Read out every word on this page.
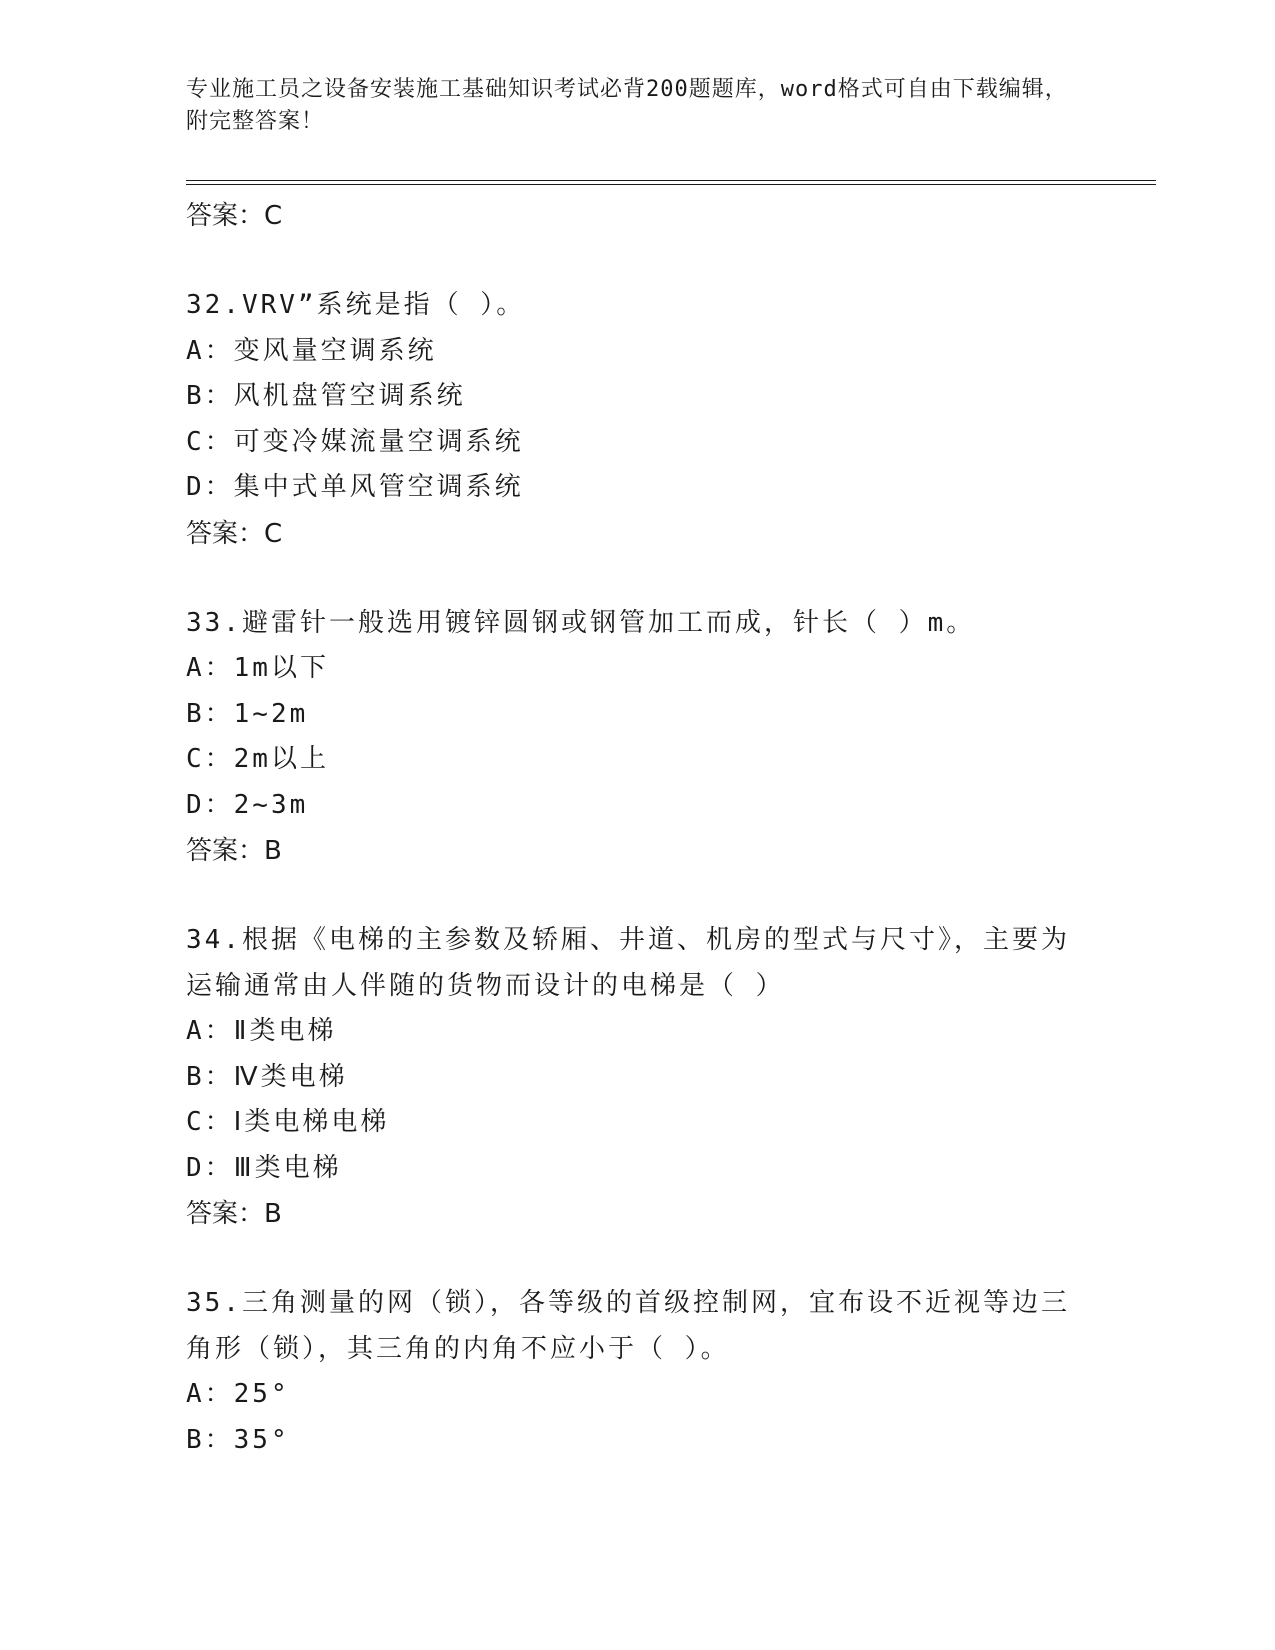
专业施工员之设备安装施工基础知识考试必背200题题库，word格式可自由下载编辑，附完整答案！
答案：C
32.VRV”系统是指（ ）。
A：变风量空调系统
B：风机盘管空调系统
C：可变冷媒流量空调系统
D：集中式单风管空调系统
答案：C
33.避雷针一般选用镀锌圆钢或钢管加工而成，针长（ ）m。
A：1m以下
B：1~2m
C：2m以上
D：2~3m
答案：B
34.根据《电梯的主参数及轿厢、井道、机房的型式与尺寸》，主要为运输通常由人伴随的货物而设计的电梯是（ ）
A：Ⅱ类电梯
B：Ⅳ类电梯
C：Ⅰ类电梯电梯
D：Ⅲ类电梯
答案：B
35.三角测量的网（锁），各等级的首级控制网，宜布设不近视等边三角形（锁），其三角的内角不应小于（ ）。
A：25°
B：35°
